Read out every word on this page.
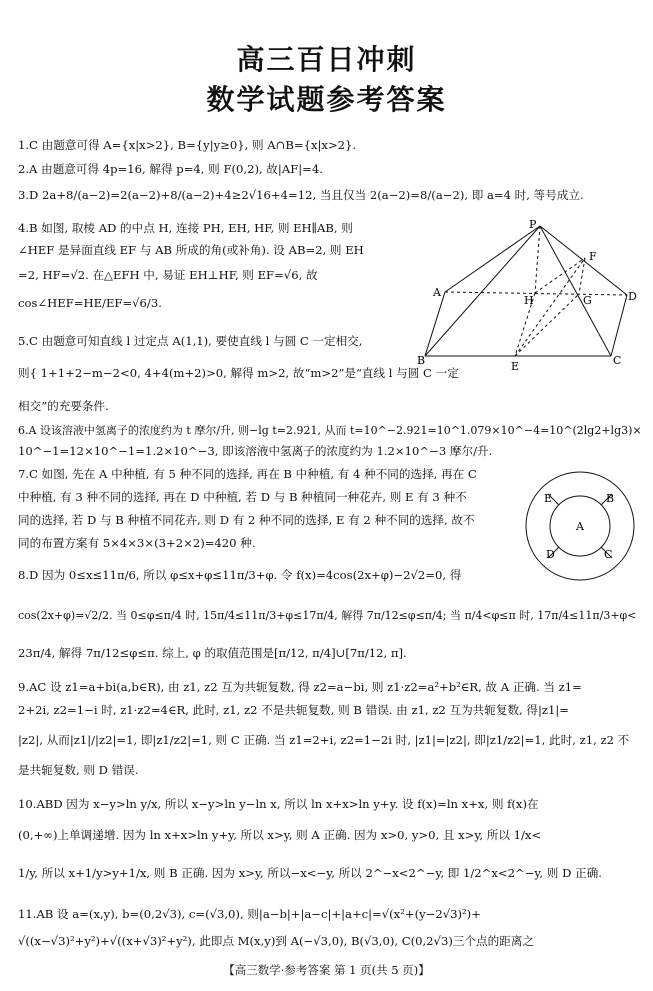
高三百日冲刺
数学试题参考答案
1.C 由题意可得 A={x|x>2}, B={y|y≥0}, 则 A∩B={x|x>2}.
2.A 由题意可得 4p=16, 解得 p=4, 则 F(0,2), 故|AF|=4.
3.D 2a+8/(a−2)=2(a−2)+8/(a−2)+4≥2√16+4=12, 当且仅当 2(a−2)=8/(a−2), 即 a=4 时, 等号成立.
4.B 如图, 取棱 AD 的中点 H, 连接 PH, EH, HF, 则 EH∥AB, 则
∠HEF 是异面直线 EF 与 AB 所成的角(或补角). 设 AB=2, 则 EH
=2, HF=√2. 在△EFH 中, 易证 EH⊥HF, 则 EF=√6, 故
cos∠HEF=HE/EF=√6/3.
5.C 由题意可知直线 l 过定点 A(1,1), 要使直线 l 与圆 C 一定相交,
则{ 1+1+2−m−2<0, 4+4(m+2)>0, 解得 m>2, 故“m>2”是“直线 l 与圆 C 一定
相交”的充要条件.
6.A 设该溶液中氢离子的浓度约为 t 摩尔/升, 则−lg t=2.921, 从而 t=10^−2.921=10^1.079×10^−4=10^(2lg2+lg3)×
10^−1=12×10^−1=1.2×10^−3, 即该溶液中氢离子的浓度约为 1.2×10^−3 摩尔/升.
7.C 如图, 先在 A 中种植, 有 5 种不同的选择, 再在 B 中种植, 有 4 种不同的选择, 再在 C
中种植, 有 3 种不同的选择, 再在 D 中种植, 若 D 与 B 种植同一种花卉, 则 E 有 3 种不
同的选择, 若 D 与 B 种植不同花卉, 则 D 有 2 种不同的选择, E 有 2 种不同的选择, 故不
同的布置方案有 5×4×3×(3+2×2)=420 种.
8.D 因为 0≤x≤11π/6, 所以 φ≤x+φ≤11π/3+φ. 令 f(x)=4cos(2x+φ)−2√2=0, 得
cos(2x+φ)=√2/2. 当 0≤φ≤π/4 时, 15π/4≤11π/3+φ≤17π/4, 解得 7π/12≤φ≤π/4; 当 π/4<φ≤π 时, 17π/4≤11π/3+φ<
23π/4, 解得 7π/12≤φ≤π. 综上, φ 的取值范围是[π/12, π/4]∪[7π/12, π].
9.AC 设 z1=a+bi(a,b∈R), 由 z1, z2 互为共轭复数, 得 z2=a−bi, 则 z1·z2=a²+b²∈R, 故 A 正确. 当 z1=
2+2i, z2=1−i 时, z1·z2=4∈R, 此时, z1, z2 不是共轭复数, 则 B 错误. 由 z1, z2 互为共轭复数, 得|z1|=
|z2|, 从而|z1|/|z2|=1, 即|z1/z2|=1, 则 C 正确. 当 z1=2+i, z2=1−2i 时, |z1|=|z2|, 即|z1/z2|=1, 此时, z1, z2 不
是共轭复数, 则 D 错误.
10.ABD 因为 x−y>ln y/x, 所以 x−y>ln y−ln x, 所以 ln x+x>ln y+y. 设 f(x)=ln x+x, 则 f(x)在
(0,+∞)上单调递增. 因为 ln x+x>ln y+y, 所以 x>y, 则 A 正确. 因为 x>0, y>0, 且 x>y, 所以 1/x<
1/y, 所以 x+1/y>y+1/x, 则 B 正确. 因为 x>y, 所以−x<−y, 所以 2^−x<2^−y, 即 1/2^x<2^−y, 则 D 正确.
11.AB 设 a=(x,y), b=(0,2√3), c=(√3,0), 则|a−b|+|a−c|+|a+c|=√(x²+(y−2√3)²)+
√((x−√3)²+y²)+√((x+√3)²+y²), 此即点 M(x,y)到 A(−√3,0), B(√3,0), C(0,2√3)三个点的距离之
P
F
A
H	G	D
B	E	C
E	B
A
D	C
【高三数学·参考答案 第 1 页(共 5 页)】
